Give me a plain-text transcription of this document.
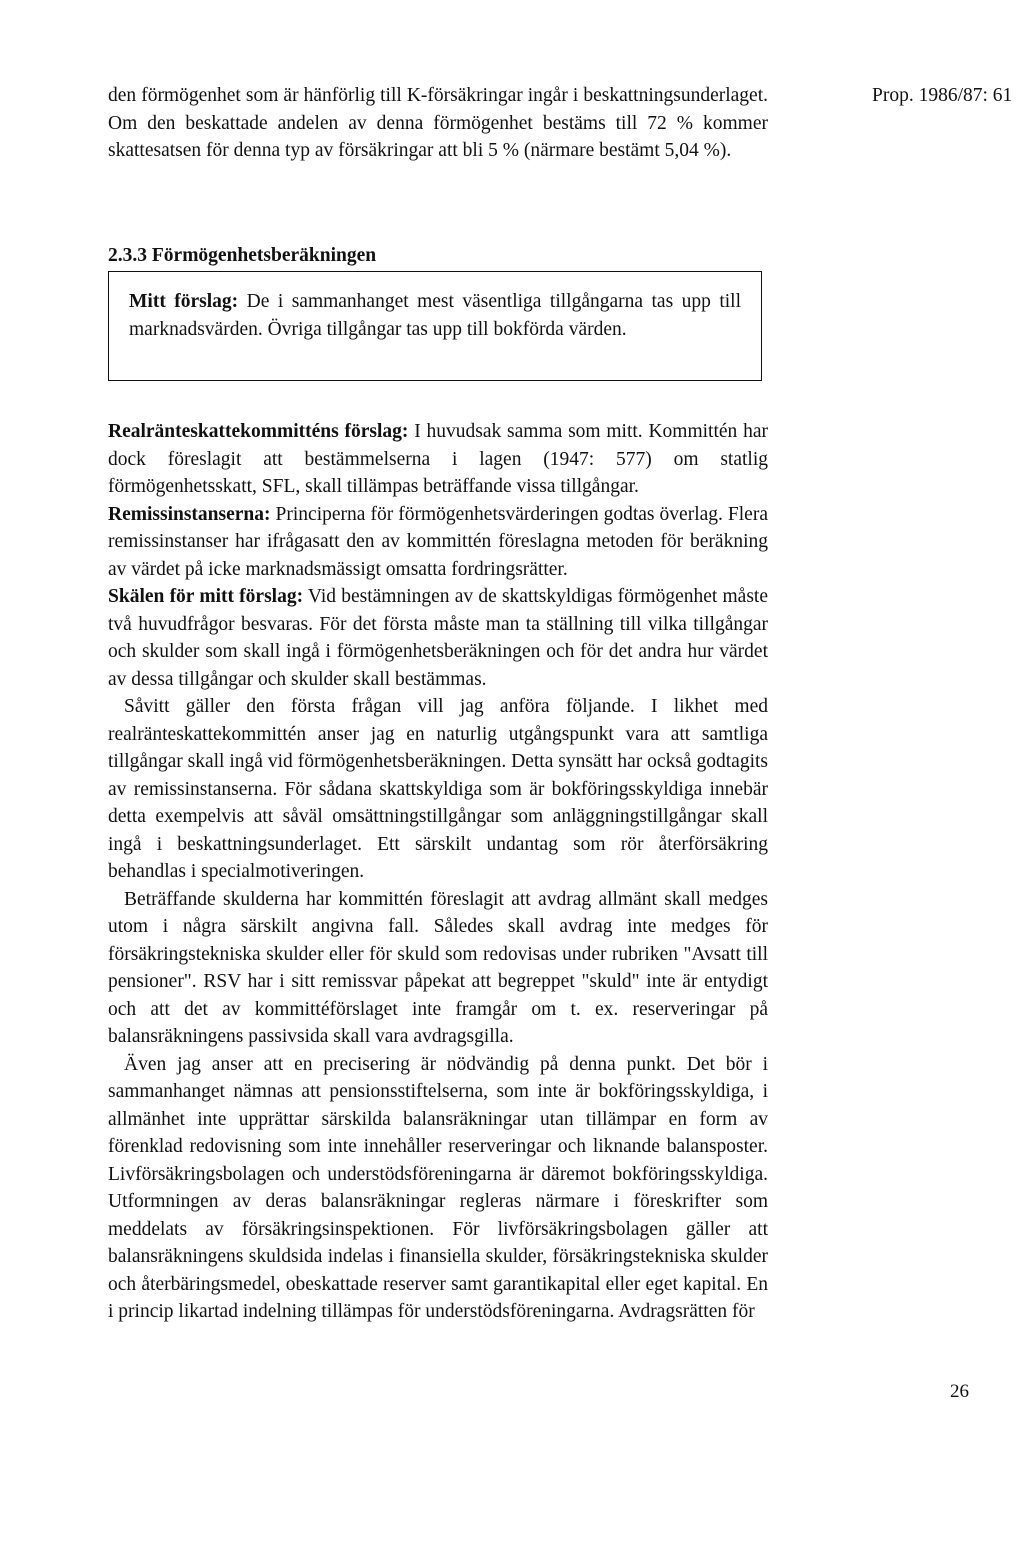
Prop. 1986/87: 61
den förmögenhet som är hänförlig till K-försäkringar ingår i beskattningsunderlaget. Om den beskattade andelen av denna förmögenhet bestäms till 72 % kommer skattesatsen för denna typ av försäkringar att bli 5 % (närmare bestämt 5,04 %).
2.3.3 Förmögenhetsberäkningen
Mitt förslag: De i sammanhanget mest väsentliga tillgångarna tas upp till marknadsvärden. Övriga tillgångar tas upp till bokförda värden.

Realränteskattekommitténs förslag: I huvudsak samma som mitt. Kommittén har dock föreslagit att bestämmelserna i lagen (1947: 577) om statlig förmögenhetsskatt, SFL, skall tillämpas beträffande vissa tillgångar.

Remissinstanserna: Principerna för förmögenhetsvärderingen godtas överlag. Flera remissinstanser har ifrågasatt den av kommittén föreslagna metoden för beräkning av värdet på icke marknadsmässigt omsatta fordringsrätter.

Skälen för mitt förslag: Vid bestämningen av de skattskyldigas förmögenhet måste två huvudfrågor besvaras. För det första måste man ta ställning till vilka tillgångar och skulder som skall ingå i förmögenhetsberäkningen och för det andra hur värdet av dessa tillgångar och skulder skall bestämmas.

Såvitt gäller den första frågan vill jag anföra följande. I likhet med realränteskattekommittén anser jag en naturlig utgångspunkt vara att samtliga tillgångar skall ingå vid förmögenhetsberäkningen. Detta synsätt har också godtagits av remissinstanserna. För sådana skattskyldiga som är bokföringsskyldiga innebär detta exempelvis att såväl omsättningstillgångar som anläggningstillgångar skall ingå i beskattningsunderlaget. Ett särskilt undantag som rör återförsäkring behandlas i specialmotiveringen.

Beträffande skulderna har kommittén föreslagit att avdrag allmänt skall medges utom i några särskilt angivna fall. Således skall avdrag inte medges för försäkringstekniska skulder eller för skuld som redovisas under rubriken "Avsatt till pensioner". RSV har i sitt remissvar påpekat att begreppet "skuld" inte är entydigt och att det av kommittéförslaget inte framgår om t. ex. reserveringar på balansräkningens passivsida skall vara avdragsgilla.

Även jag anser att en precisering är nödvändig på denna punkt. Det bör i sammanhanget nämnas att pensionsstiftelserna, som inte är bokföringsskyldiga, i allmänhet inte upprättar särskilda balansräkningar utan tillämpar en form av förenklad redovisning som inte innehåller reserveringar och liknande balansposter. Livförsäkringsbolagen och understödsföreningarna är däremot bokföringsskyldiga. Utformningen av deras balansräkningar regleras närmare i föreskrifter som meddelats av försäkringsinspektionen. För livförsäkringsbolagen gäller att balansräkningens skuldsida indelas i finansiella skulder, försäkringstekniska skulder och återbäringsmedel, obeskattade reserver samt garantikapital eller eget kapital. En i princip likartad indelning tillämpas för understödsföreningarna. Avdragsrätten för

26
